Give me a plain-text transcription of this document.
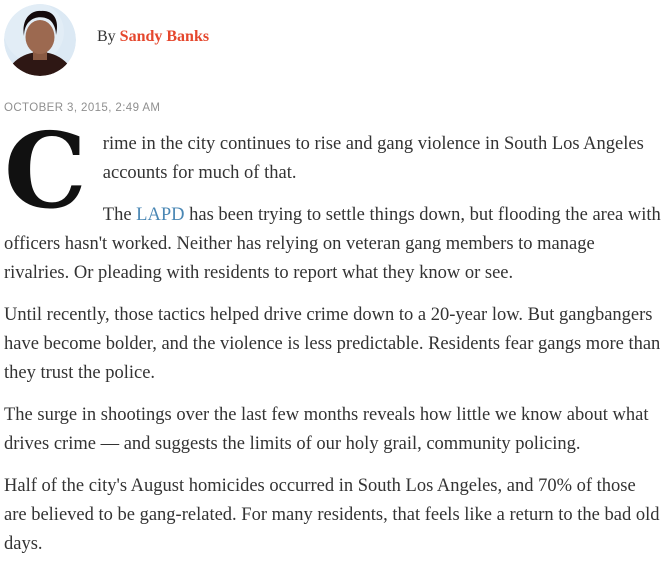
By Sandy Banks
OCTOBER 3, 2015, 2:49 AM

Crime in the city continues to rise and gang violence in South Los Angeles accounts for much of that.

The LAPD has been trying to settle things down, but flooding the area with officers hasn't worked. Neither has relying on veteran gang members to manage rivalries. Or pleading with residents to report what they know or see.

Until recently, those tactics helped drive crime down to a 20-year low. But gangbangers have become bolder, and the violence is less predictable. Residents fear gangs more than they trust the police.

The surge in shootings over the last few months reveals how little we know about what drives crime — and suggests the limits of our holy grail, community policing.

Half of the city's August homicides occurred in South Los Angeles, and 70% of those are believed to be gang-related. For many residents, that feels like a return to the bad old days.
